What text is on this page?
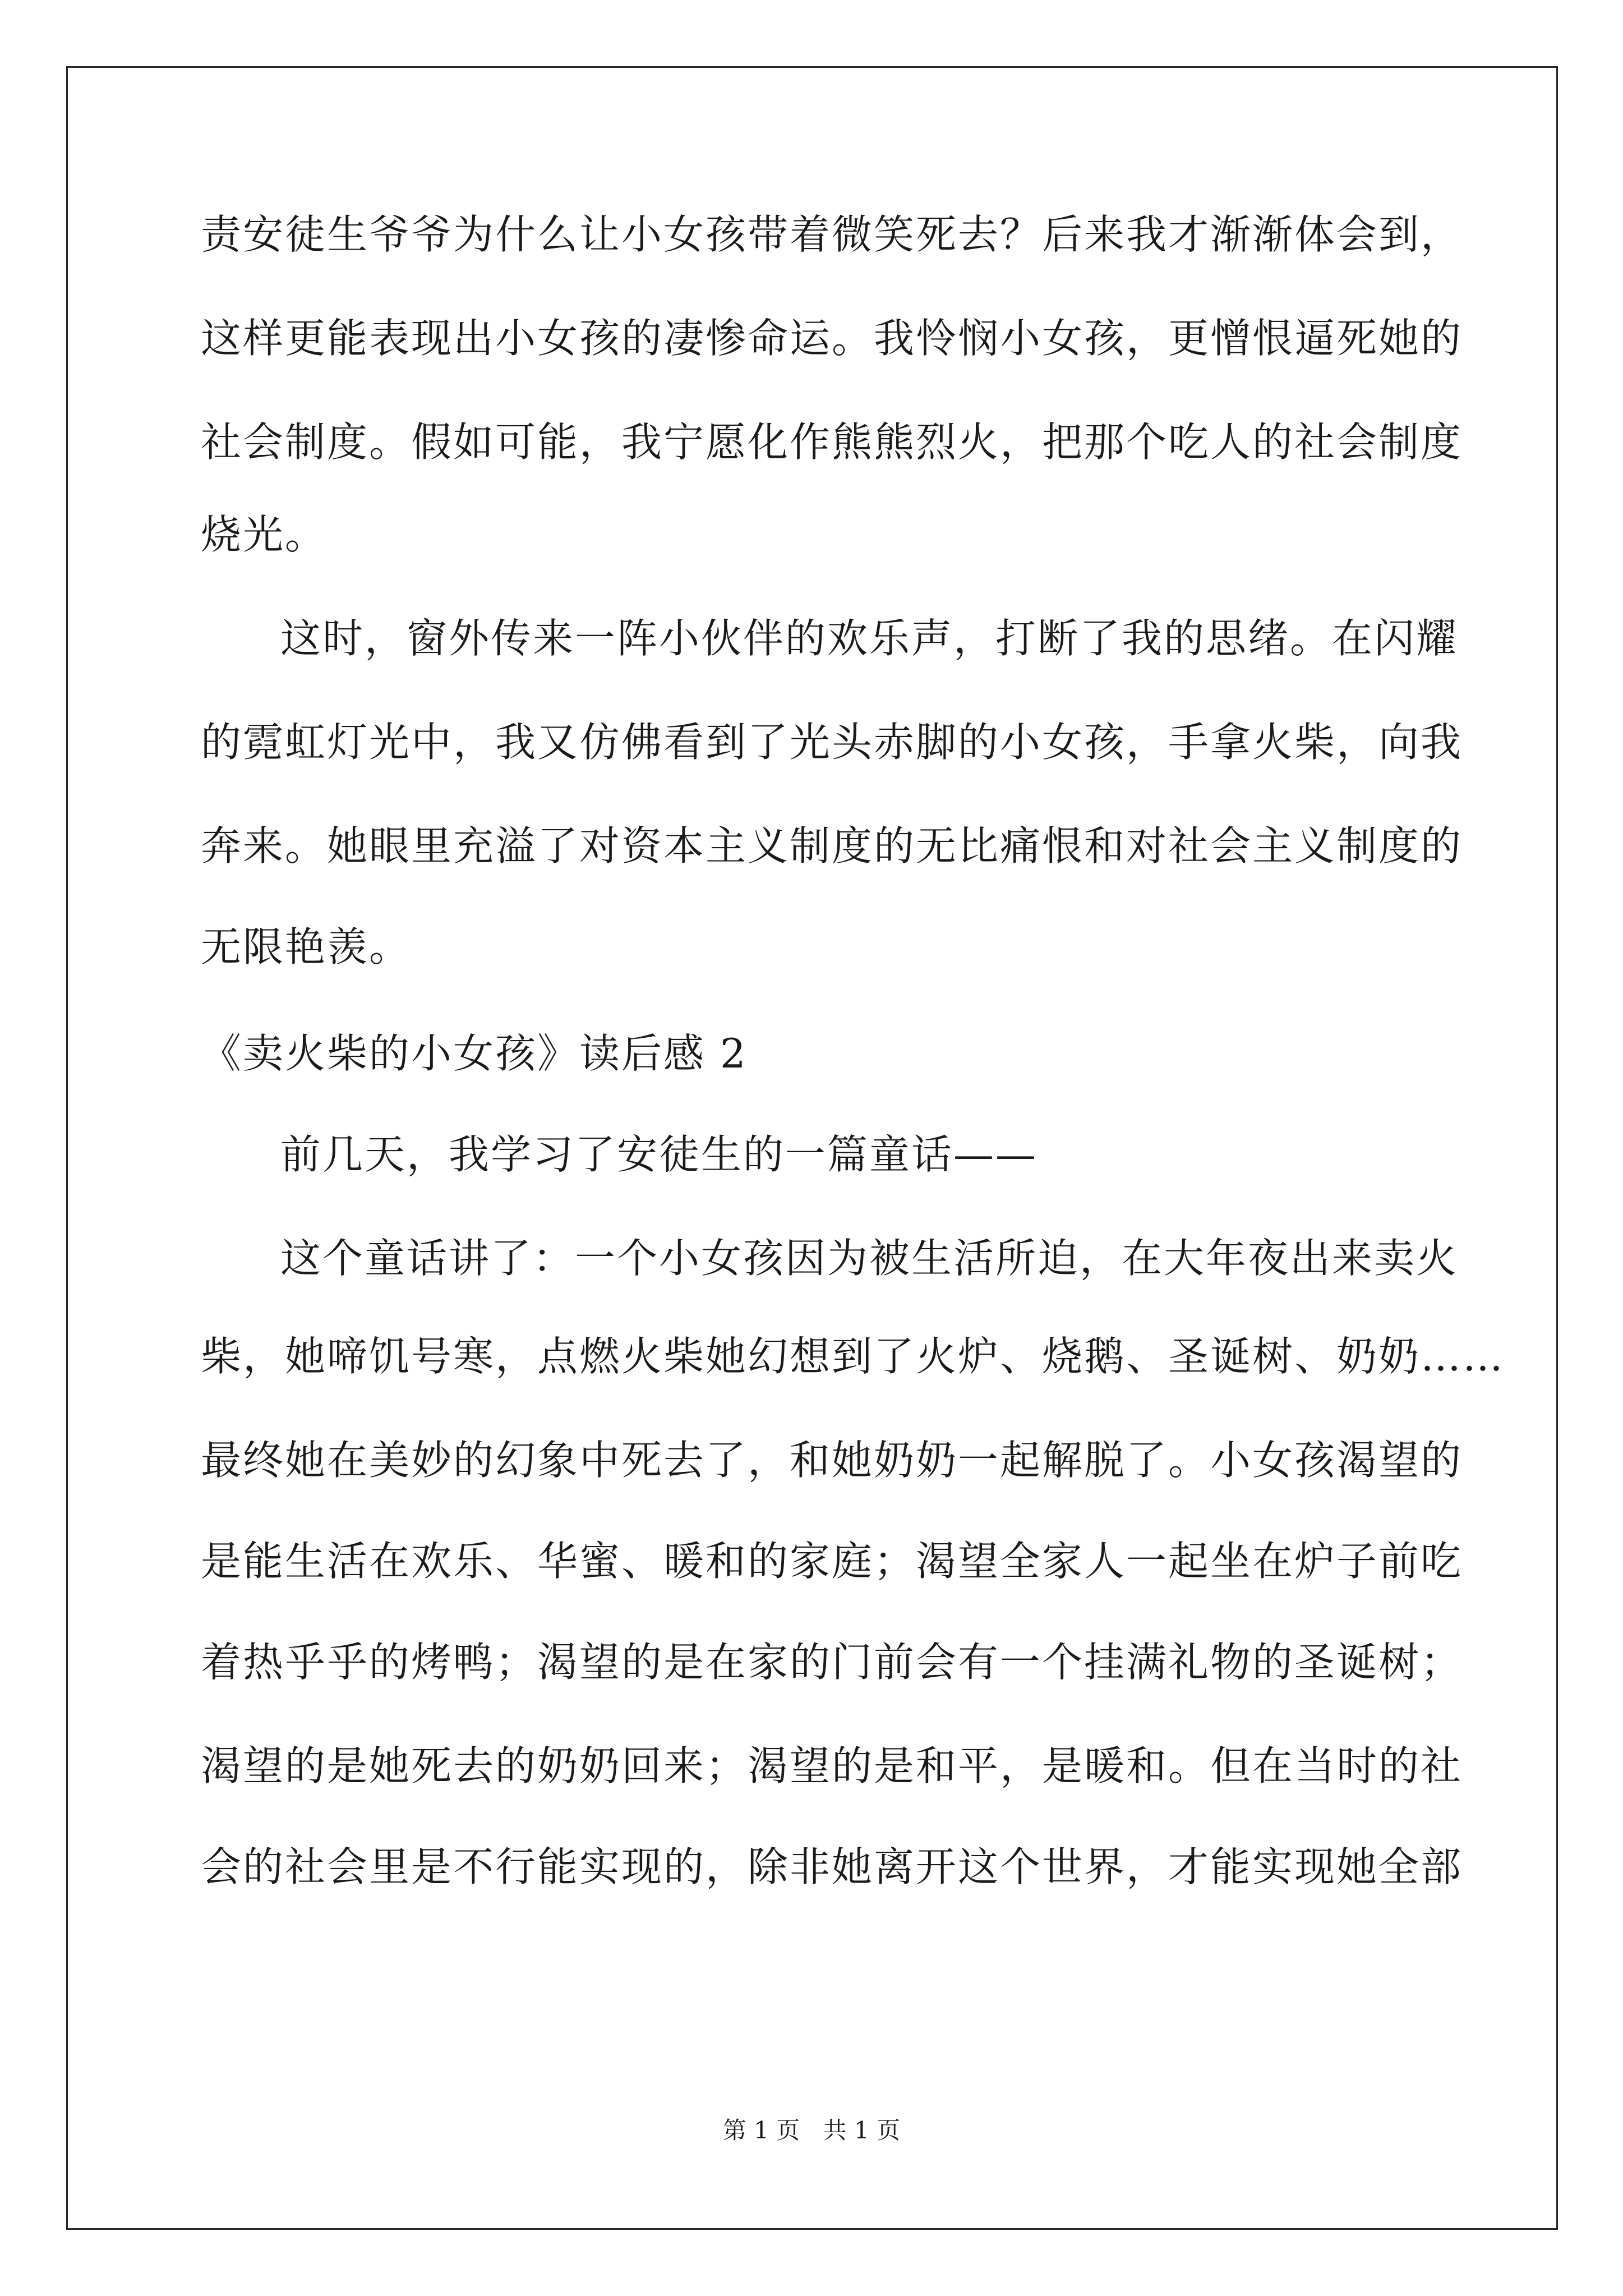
责安徒生爷爷为什么让小女孩带着微笑死去？后来我才渐渐体会到，
这样更能表现出小女孩的凄惨命运。我怜悯小女孩，更憎恨逼死她的
社会制度。假如可能，我宁愿化作熊熊烈火，把那个吃人的社会制度
烧光。
这时，窗外传来一阵小伙伴的欢乐声，打断了我的思绪。在闪耀
的霓虹灯光中，我又仿佛看到了光头赤脚的小女孩，手拿火柴，向我
奔来。她眼里充溢了对资本主义制度的无比痛恨和对社会主义制度的
无限艳羡。
《卖火柴的小女孩》读后感 2
前几天，我学习了安徒生的一篇童话——
这个童话讲了：一个小女孩因为被生活所迫，在大年夜出来卖火
柴，她啼饥号寒，点燃火柴她幻想到了火炉、烧鹅、圣诞树、奶奶……
最终她在美妙的幻象中死去了，和她奶奶一起解脱了。小女孩渴望的
是能生活在欢乐、华蜜、暖和的家庭；渴望全家人一起坐在炉子前吃
着热乎乎的烤鸭；渴望的是在家的门前会有一个挂满礼物的圣诞树；
渴望的是她死去的奶奶回来；渴望的是和平，是暖和。但在当时的社
会的社会里是不行能实现的，除非她离开这个世界，才能实现她全部
第 1 页 共 1 页
